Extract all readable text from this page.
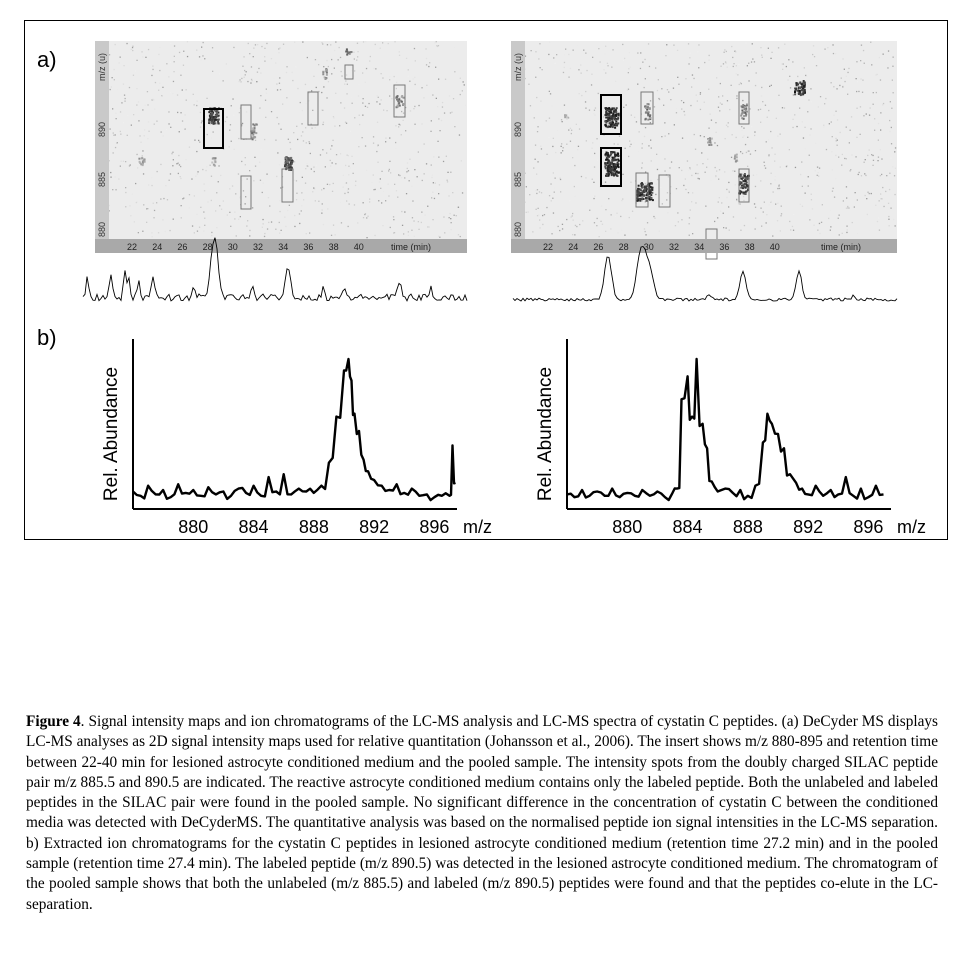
a)
b)
m/z (u)
890
885
880
22 24 26 28 30 32 34 36 38 40	time (min)
m/z (u)
890
885
880
22 24 26 28 30 32 34 36 38 40	time (min)
Rel. Abundance
880 884 888 892 896 m/z
Rel. Abundance
880 884 888 892 896 m/z
Figure 4. Signal intensity maps and ion chromatograms of the LC-MS analysis and LC-MS spectra of cystatin C peptides. (a) DeCyder MS displays LC-MS analyses as 2D signal intensity maps used for relative quantitation (Johansson et al., 2006). The insert shows m/z 880-895 and retention time between 22-40 min for lesioned astrocyte conditioned medium and the pooled sample. The intensity spots from the doubly charged SILAC peptide pair m/z 885.5 and 890.5 are indicated. The reactive astrocyte conditioned medium contains only the labeled peptide. Both the unlabeled and labeled peptides in the SILAC pair were found in the pooled sample. No significant difference in the concentration of cystatin C between the conditioned media was detected with DeCyderMS. The quantitative analysis was based on the normalised peptide ion signal intensities in the LC-MS separation. b) Extracted ion chromatograms for the cystatin C peptides in lesioned astrocyte conditioned medium (retention time 27.2 min) and in the pooled sample (retention time 27.4 min). The labeled peptide (m/z 890.5) was detected in the lesioned astrocyte conditioned medium. The chromatogram of the pooled sample shows that both the unlabeled (m/z 885.5) and labeled (m/z 890.5) peptides were found and that the peptides co-elute in the LC-separation.
